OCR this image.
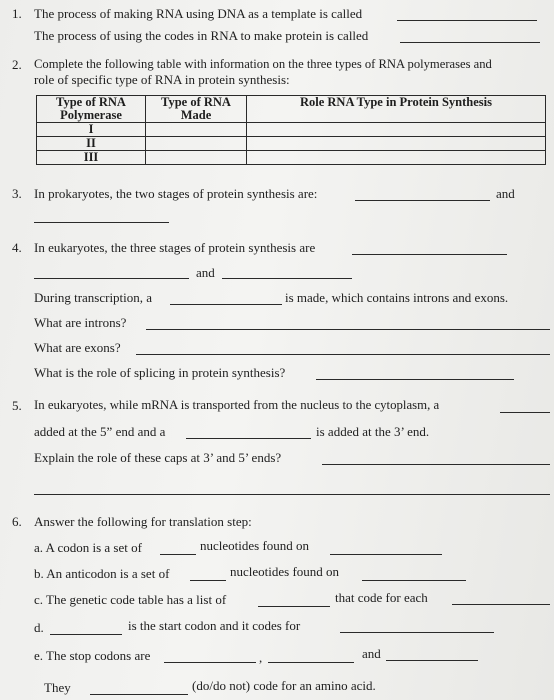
1. The process of making RNA using DNA as a template is called
The process of using the codes in RNA to make protein is called
2. Complete the following table with information on the three types of RNA polymerases and
role of specific type of RNA in protein synthesis:
Type of RNA Polymerase	Type of RNA Made	Role RNA Type in Protein Synthesis
I		
II		
III		
3. In prokaryotes, the two stages of protein synthesis are:	and
4. In eukaryotes, the three stages of protein synthesis are
and
During transcription, a	is made, which contains introns and exons.
What are introns?
What are exons?
What is the role of splicing in protein synthesis?
5. In eukaryotes, while mRNA is transported from the nucleus to the cytoplasm, a
added at the 5” end and a	is added at the 3’ end.
Explain the role of these caps at 3’ and 5’ ends?
6. Answer the following for translation step:
a. A codon is a set of	nucleotides found on
b. An anticodon is a set of	nucleotides found on
c. The genetic code table has a list of	that code for each
d.	is the start codon and it codes for
e. The stop codons are	,	and
They	(do/do not) code for an amino acid.
